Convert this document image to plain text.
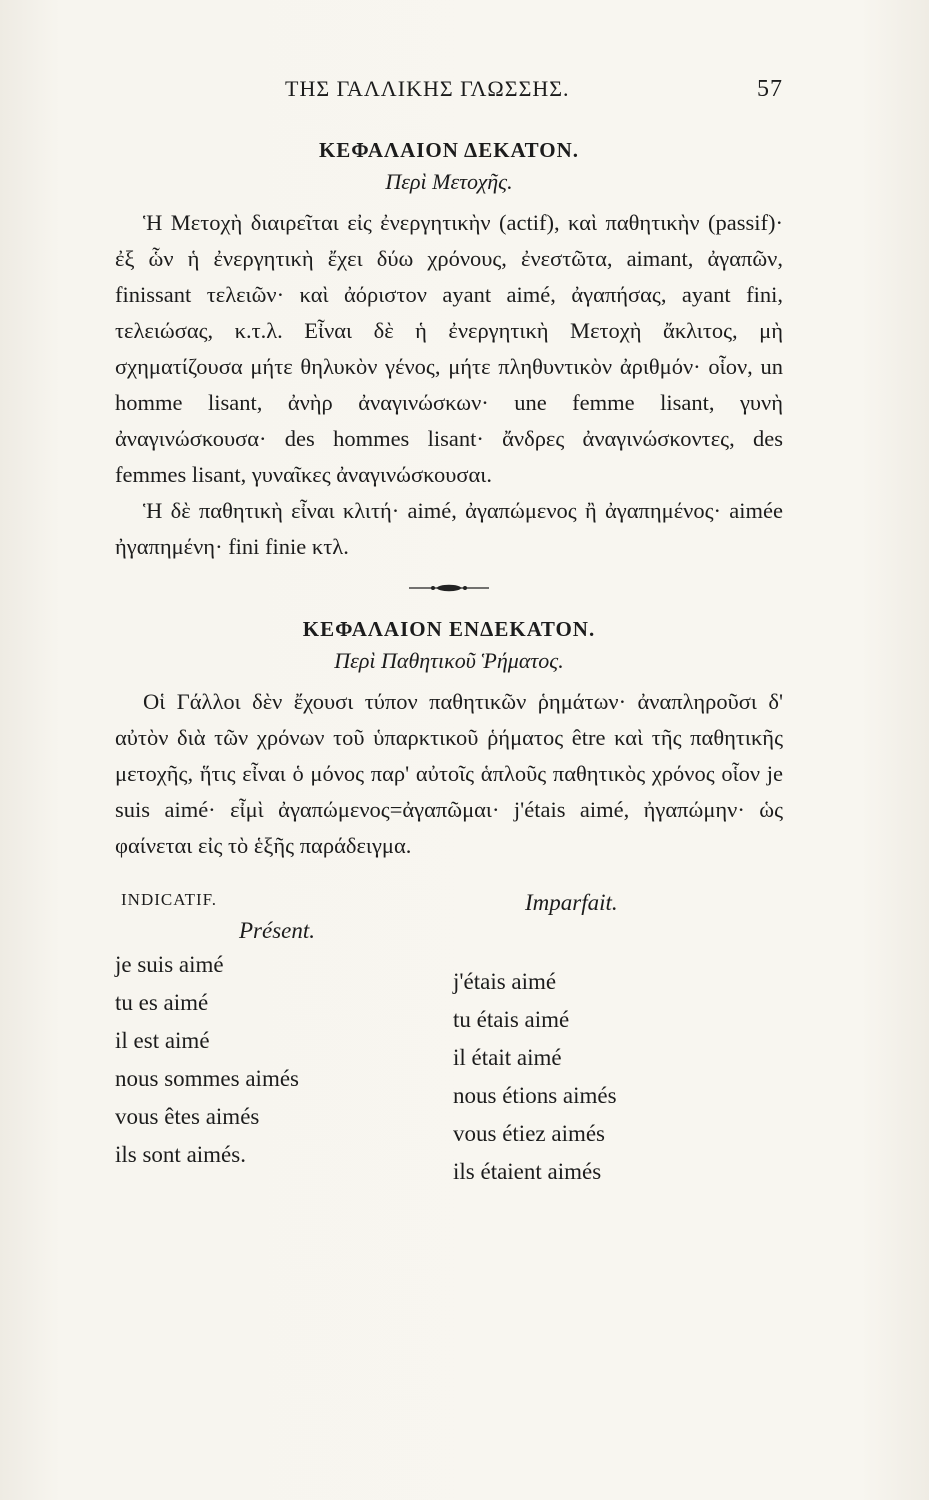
ΤΗΣ ΓΑΛΛΙΚΗΣ ΓΛΩΣΣΗΣ.	57
ΚΕΦΑΛΑΙΟΝ ΔΕΚΑΤΟΝ.
Περὶ Μετοχῆς.

Ἡ Μετοχὴ διαιρεῖται εἰς ἐνεργητικὴν (actif), καὶ παθητικὴν (passif)· ἐξ ὧν ἡ ἐνεργητικὴ ἔχει δύω χρόνους, ἐνεστῶτα, aimant, ἀγαπῶν, finissant τελειῶν· καὶ ἀόριστον ayant aimé, ἀγαπήσας, ayant fini, τελειώσας, κ.τ.λ. Εἶναι δὲ ἡ ἐνεργητικὴ Μετοχὴ ἄκλιτος, μὴ σχηματίζουσα μήτε θηλυκὸν γένος, μήτε πληθυντικὸν ἀριθμόν· οἷον, un homme lisant, ἀνὴρ ἀναγινώσκων· une femme lisant, γυνὴ ἀναγινώσκουσα· des hommes lisant· ἄνδρες ἀναγινώσκοντες, des femmes lisant, γυναῖκες ἀναγινώσκουσαι.

Ἡ δὲ παθητικὴ εἶναι κλιτή· aimé, ἀγαπώμενος ἢ ἀγαπημένος· aimée ἠγαπημένη· fini finie κτλ.

ΚΕΦΑΛΑΙΟΝ ΕΝΔΕΚΑΤΟΝ.
Περὶ Παθητικοῦ Ῥήματος.

Οἱ Γάλλοι δὲν ἔχουσι τύπον παθητικῶν ῥημάτων· ἀναπληροῦσι δ' αὐτὸν διὰ τῶν χρόνων τοῦ ὑπαρκτικοῦ ῥήματος être καὶ τῆς παθητικῆς μετοχῆς, ἥτις εἶναι ὁ μόνος παρ' αὐτοῖς ἁπλοῦς παθητικὸς χρόνος οἷον je suis aimé· εἶμὶ ἀγαπώμενος=ἀγαπῶμαι· j'étais aimé, ἠγαπώμην· ὡς φαίνεται εἰς τὸ ἑξῆς παράδειγμα.

INDICATIF.
Présent.
je suis aimé
tu es aimé
il est aimé
nous sommes aimés
vous êtes aimés
ils sont aimés.
Imparfait.
j'étais aimé
tu étais aimé
il était aimé
nous étions aimés
vous étiez aimés
ils étaient aimés
